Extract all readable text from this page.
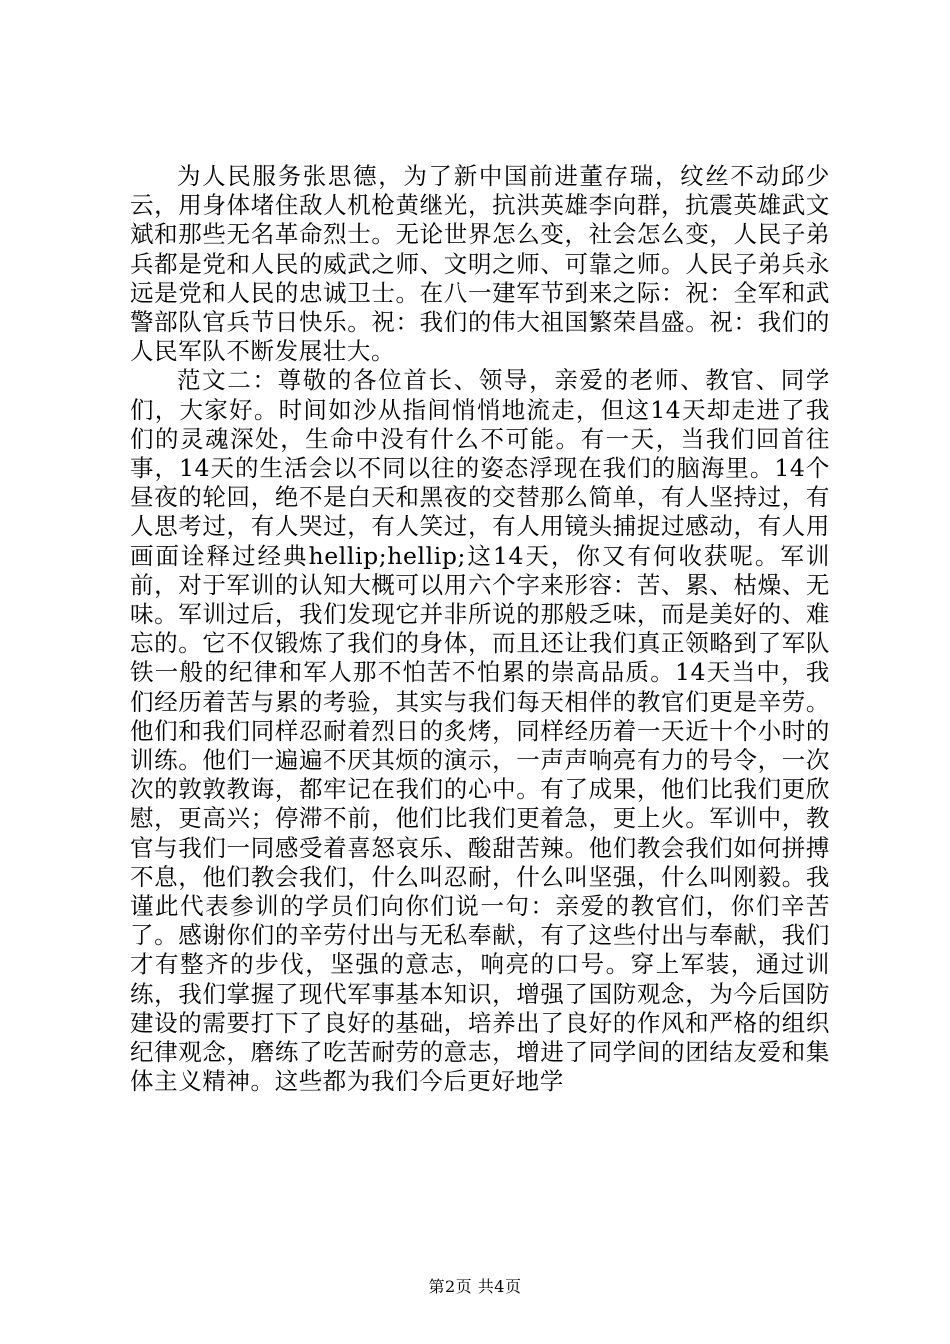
为人民服务张思德，为了新中国前进董存瑞，纹丝不动邱少云，用身体堵住敌人机枪黄继光，抗洪英雄李向群，抗震英雄武文斌和那些无名革命烈士。无论世界怎么变，社会怎么变，人民子弟兵都是党和人民的威武之师、文明之师、可靠之师。人民子弟兵永远是党和人民的忠诚卫士。在八一建军节到来之际：祝：全军和武警部队官兵节日快乐。祝：我们的伟大祖国繁荣昌盛。祝：我们的人民军队不断发展壮大。

范文二：尊敬的各位首长、领导，亲爱的老师、教官、同学们，大家好。时间如沙从指间悄悄地流走，但这14天却走进了我们的灵魂深处，生命中没有什么不可能。有一天，当我们回首往事，14天的生活会以不同以往的姿态浮现在我们的脑海里。14个昼夜的轮回，绝不是白天和黑夜的交替那么简单，有人坚持过，有人思考过，有人哭过，有人笑过，有人用镜头捕捉过感动，有人用画面诠释过经典hellip;hellip;这14天，你又有何收获呢。军训前，对于军训的认知大概可以用六个字来形容：苦、累、枯燥、无味。军训过后，我们发现它并非所说的那般乏味，而是美好的、难忘的。它不仅锻炼了我们的身体，而且还让我们真正领略到了军队铁一般的纪律和军人那不怕苦不怕累的崇高品质。14天当中，我们经历着苦与累的考验，其实与我们每天相伴的教官们更是辛劳。他们和我们同样忍耐着烈日的炙烤，同样经历着一天近十个小时的训练。他们一遍遍不厌其烦的演示，一声声响亮有力的号令，一次次的敦敦教诲，都牢记在我们的心中。有了成果，他们比我们更欣慰，更高兴；停滞不前，他们比我们更着急，更上火。军训中，教官与我们一同感受着喜怒哀乐、酸甜苦辣。他们教会我们如何拼搏不息，他们教会我们，什么叫忍耐，什么叫坚强，什么叫刚毅。我谨此代表参训的学员们向你们说一句：亲爱的教官们，你们辛苦了。感谢你们的辛劳付出与无私奉献，有了这些付出与奉献，我们才有整齐的步伐，坚强的意志，响亮的口号。穿上军装，通过训练，我们掌握了现代军事基本知识，增强了国防观念，为今后国防建设的需要打下了良好的基础，培养出了良好的作风和严格的组织纪律观念，磨练了吃苦耐劳的意志，增进了同学间的团结友爱和集体主义精神。这些都为我们今后更好地学

第2页 共4页
